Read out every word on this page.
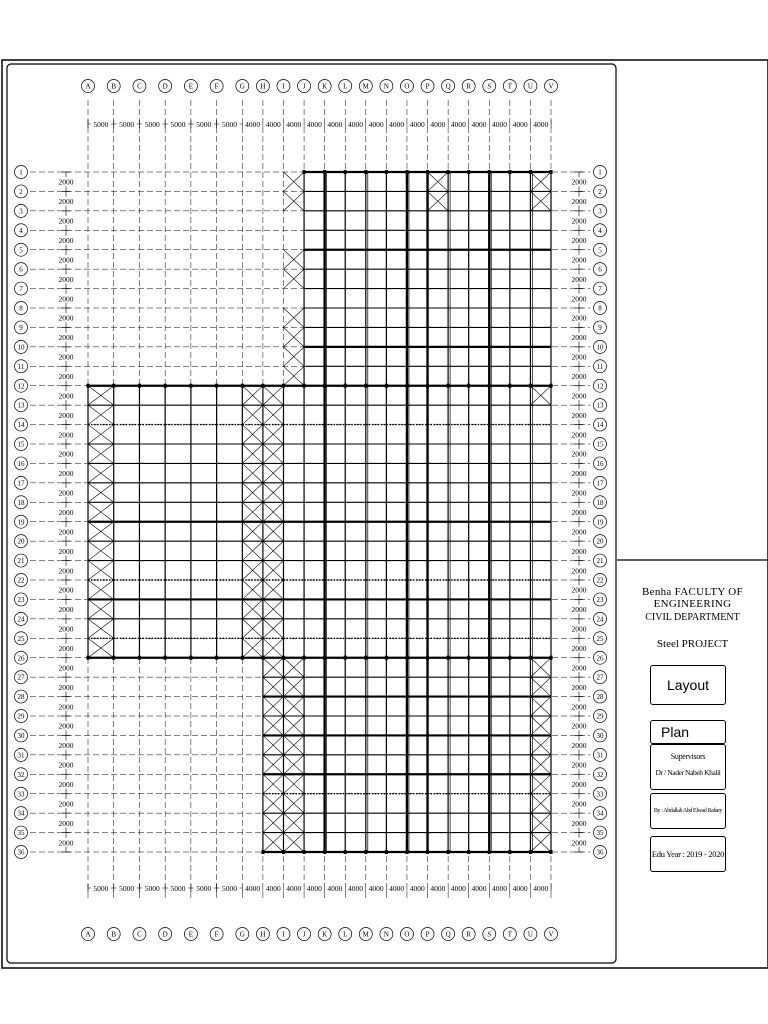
5000 5000 5000 5000 5000 5000 4000 4000 4000 4000 4000 4000 4000 4000 4000 4000 4000 4000 4000 4000 4000
5000 5000 5000 5000 5000 5000 4000 4000 4000 4000 4000 4000 4000 4000 4000 4000 4000 4000 4000 4000 4000
2000
2000
2000
2000
2000
2000
2000
2000
2000
2000
2000
2000
2000
2000
2000
2000
2000
2000
2000
2000
2000
2000
2000
2000
2000
2000
2000
2000
2000
2000
2000
2000
2000
2000
2000
2000
2000
2000
2000
2000
2000
2000
2000
2000
2000
2000
2000
2000
2000
2000
2000
2000
2000
2000
2000
2000
2000
2000
2000
2000
2000
2000
2000
2000
2000
2000
2000
2000
2000
2000
A
A
B
B
C
C
D
D
E
E
F
F
G
G
H
H
I
I
J
J
K
K
L
L
M
M
N
N
O
O
P
P
Q
Q
R
R
S
S
T
T
U
U
V
V
1	1
2	2
3	3
4	4
5	5
6	6
7	7
8	8
9	9
10	10
11	11
12	12
13	13
14	14
15	15
16	16
17	17
18	18
19	19
20	20
21	21
22	22
23	23
24	24
25	25
26	26
27	27
28	28
29	29
30	30
31	31
32	32
33	33
34	34
35	35
36	36
Benha FACULTY OF ENGINEERING
CIVIL DEPARTMENT
Steel PROJECT
Layout
Plan
Supervisors
Dr / Nader Nabeh Khalil
By : Abdallah Abd Elwad Rafaey
Edu Year : 2019 - 2020
